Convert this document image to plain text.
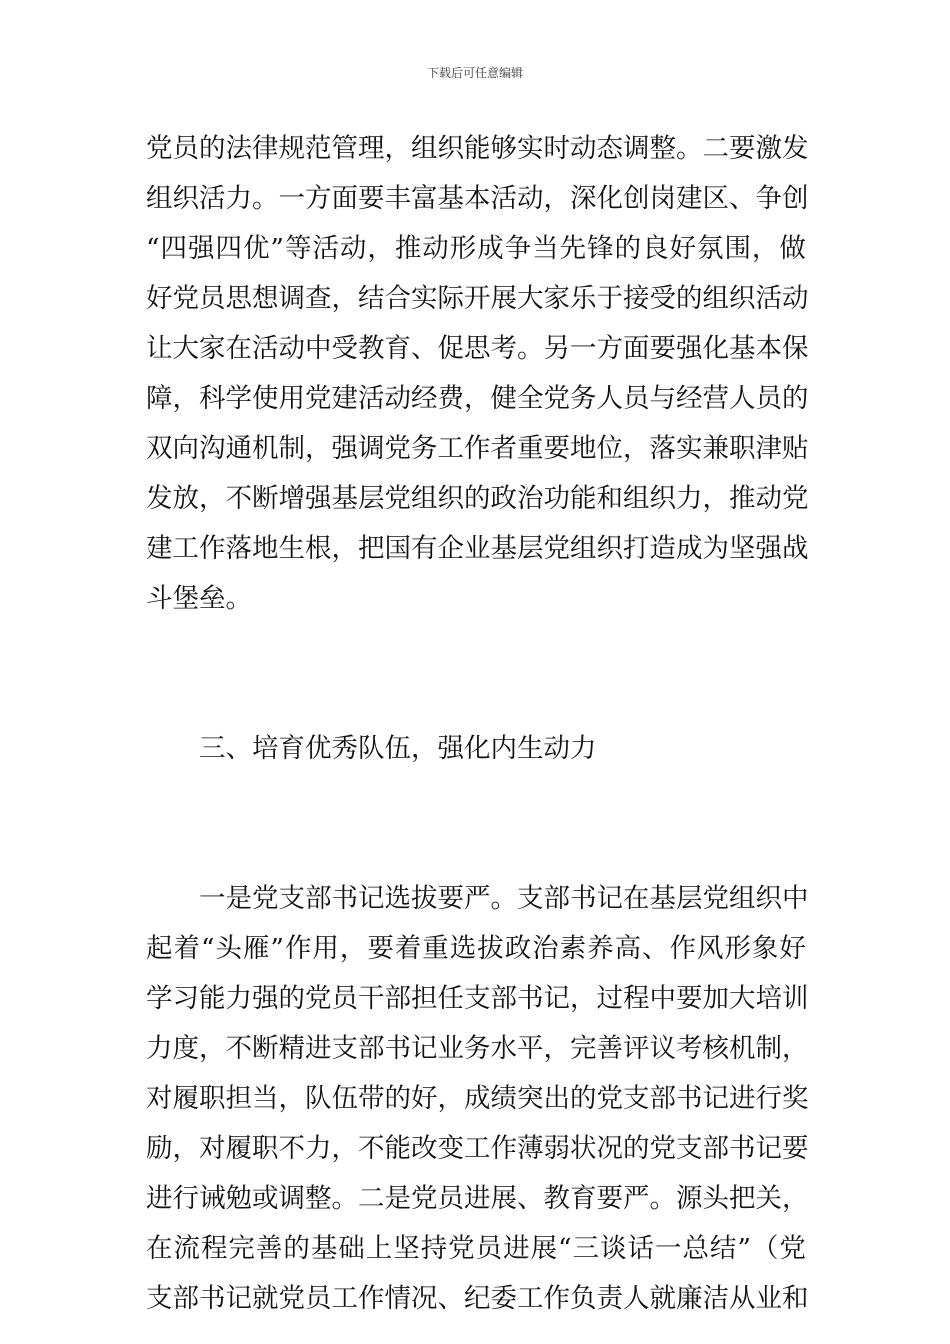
下载后可任意编辑
党 员 的 法 律 规 范 管 理 ， 组 织 能 够 实 时 动 态 调 整 。 二 要 激 发
组 织 活 力 。 一 方 面 要 丰 富 基 本 活 动 ， 深 化 创 岗 建 区 、 争 创
“ 四 强 四 优 ” 等 活 动 ， 推 动 形 成 争 当 先 锋 的 良 好 氛 围 ， 做
好 党 员 思 想 调 查 ， 结 合 实 际 开 展 大 家 乐 于 接 受 的 组 织 活 动
让 大 家 在 活 动 中 受 教 育 、 促 思 考 。 另 一 方 面 要 强 化 基 本 保
障 ， 科 学 使 用 党 建 活 动 经 费 ， 健 全 党 务 人 员 与 经 营 人 员 的
双 向 沟 通 机 制 ， 强 调 党 务 工 作 者 重 要 地 位 ， 落 实 兼 职 津 贴
发 放 ， 不 断 增 强 基 层 党 组 织 的 政 治 功 能 和 组 织 力 ， 推 动 党
建 工 作 落 地 生 根 ， 把 国 有 企 业 基 层 党 组 织 打 造 成 为 坚 强 战
斗堡垒。
三、培育优秀队伍，强化内生动力
一是党支部书记选拔要严。支部书记在基层党组织中
起 着 “ 头 雁 ” 作 用 ， 要 着 重 选 拔 政 治 素 养 高 、 作 风 形 象 好
学 习 能 力 强 的 党 员 干 部 担 任 支 部 书 记 ， 过 程 中 要 加 大 培 训
力 度 ， 不 断 精 进 支 部 书 记 业 务 水 平 ， 完 善 评 议 考 核 机 制 ，
对 履 职 担 当 ， 队 伍 带 的 好 ， 成 绩 突 出 的 党 支 部 书 记 进 行 奖
励 ， 对 履 职 不 力 ， 不 能 改 变 工 作 薄 弱 状 况 的 党 支 部 书 记 要
进 行 诫 勉 或 调 整 。 二 是 党 员 进 展 、 教 育 要 严 。 源 头 把 关 ，
在 流 程 完 善 的 基 础 上 坚 持 党 员 进 展 “ 三 谈 话 一 总 结 ” （ 党
支 部 书 记 就 党 员 工 作 情 况 、 纪 委 工 作 负 责 人 就 廉 洁 从 业 和
